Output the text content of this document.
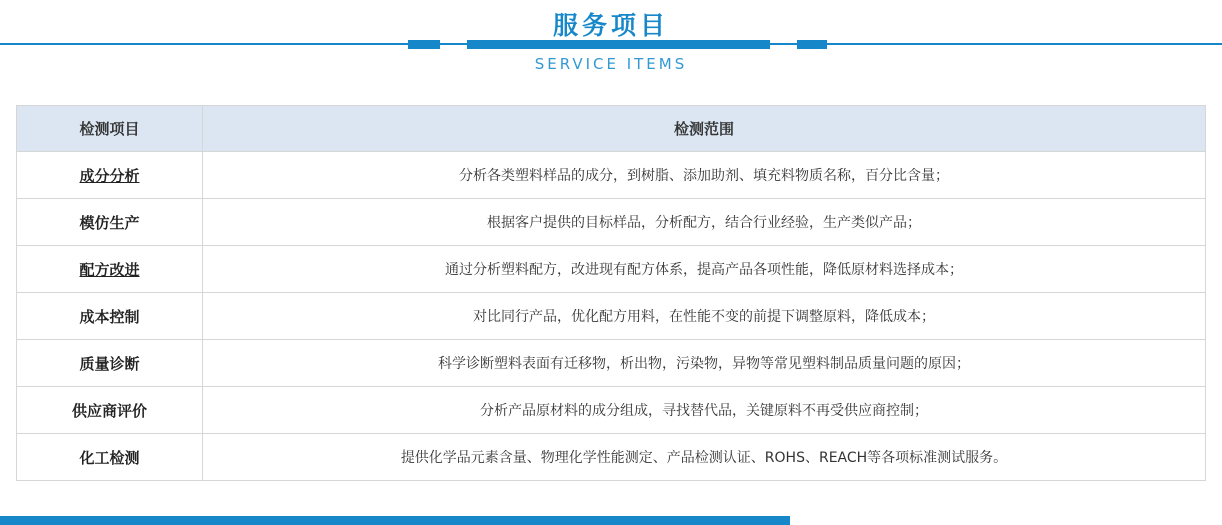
服务项目
SERVICE ITEMS
检测项目	检测范围
成分分析	分析各类塑料样品的成分，到树脂、添加助剂、填充料物质名称，百分比含量；
模仿生产	根据客户提供的目标样品，分析配方，结合行业经验，生产类似产品；
配方改进	通过分析塑料配方，改进现有配方体系，提高产品各项性能，降低原材料选择成本；
成本控制	对比同行产品，优化配方用料，在性能不变的前提下调整原料，降低成本；
质量诊断	科学诊断塑料表面有迁移物，析出物，污染物，异物等常见塑料制品质量问题的原因；
供应商评价	分析产品原材料的成分组成，寻找替代品，关键原料不再受供应商控制；
化工检测	提供化学品元素含量、物理化学性能测定、产品检测认证、ROHS、REACH等各项标准测试服务。
